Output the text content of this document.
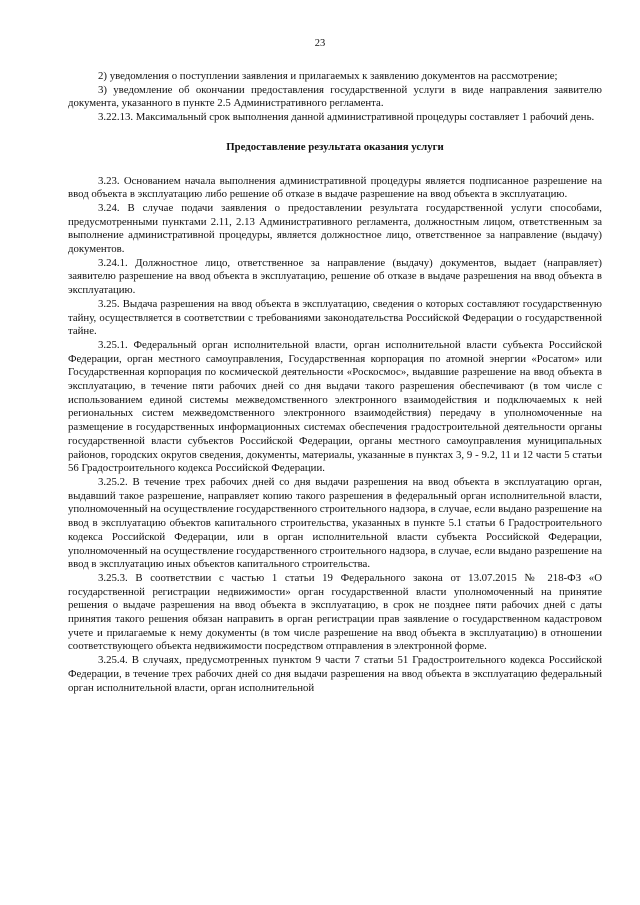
23

2) уведомления о поступлении заявления и прилагаемых к заявлению документов на рассмотрение;

3) уведомление об окончании предоставления государственной услуги в виде направления заявителю документа, указанного в пункте 2.5 Административного регламента.

3.22.13. Максимальный срок выполнения данной административной процедуры составляет 1 рабочий день.

Предоставление результата оказания услуги

3.23. Основанием начала выполнения административной процедуры является подписанное разрешение на ввод объекта в эксплуатацию либо решение об отказе в выдаче разрешение на ввод объекта в эксплуатацию.

3.24. В случае подачи заявления о предоставлении результата государственной услуги способами, предусмотренными пунктами 2.11, 2.13 Административного регламента, должностным лицом, ответственным за выполнение административной процедуры, является должностное лицо, ответственное за направление (выдачу) документов.

3.24.1. Должностное лицо, ответственное за направление (выдачу) документов, выдает (направляет) заявителю разрешение на ввод объекта в эксплуатацию, решение об отказе в выдаче разрешения на ввод объекта в эксплуатацию.

3.25. Выдача разрешения на ввод объекта в эксплуатацию, сведения о которых составляют государственную тайну, осуществляется в соответствии с требованиями законодательства Российской Федерации о государственной тайне.

3.25.1. Федеральный орган исполнительной власти, орган исполнительной власти субъекта Российской Федерации, орган местного самоуправления, Государственная корпорация по атомной энергии «Росатом» или Государственная корпорация по космической деятельности «Роскосмос», выдавшие разрешение на ввод объекта в эксплуатацию, в течение пяти рабочих дней со дня выдачи такого разрешения обеспечивают (в том числе с использованием единой системы межведомственного электронного взаимодействия и подключаемых к ней региональных систем межведомственного электронного взаимодействия) передачу в уполномоченные на размещение в государственных информационных системах обеспечения градостроительной деятельности органы государственной власти субъектов Российской Федерации, органы местного самоуправления муниципальных районов, городских округов сведения, документы, материалы, указанные в пунктах 3, 9 - 9.2, 11 и 12 части 5 статьи 56 Градостроительного кодекса Российской Федерации.

3.25.2. В течение трех рабочих дней со дня выдачи разрешения на ввод объекта в эксплуатацию орган, выдавший такое разрешение, направляет копию такого разрешения в федеральный орган исполнительной власти, уполномоченный на осуществление государственного строительного надзора, в случае, если выдано разрешение на ввод в эксплуатацию объектов капитального строительства, указанных в пункте 5.1 статьи 6 Градостроительного кодекса Российской Федерации, или в орган исполнительной власти субъекта Российской Федерации, уполномоченный на осуществление государственного строительного надзора, в случае, если выдано разрешение на ввод в эксплуатацию иных объектов капитального строительства.

3.25.3. В соответствии с частью 1 статьи 19 Федерального закона от 13.07.2015 № 218-ФЗ «О государственной регистрации недвижимости» орган государственной власти уполномоченный на принятие решения о выдаче разрешения на ввод объекта в эксплуатацию, в срок не позднее пяти рабочих дней с даты принятия такого решения обязан направить в орган регистрации прав заявление о государственном кадастровом учете и прилагаемые к нему документы (в том числе разрешение на ввод объекта в эксплуатацию) в отношении соответствующего объекта недвижимости посредством отправления в электронной форме.

3.25.4. В случаях, предусмотренных пунктом 9 части 7 статьи 51 Градостроительного кодекса Российской Федерации, в течение трех рабочих дней со дня выдачи разрешения на ввод объекта в эксплуатацию федеральный орган исполнительной власти, орган исполнительной
